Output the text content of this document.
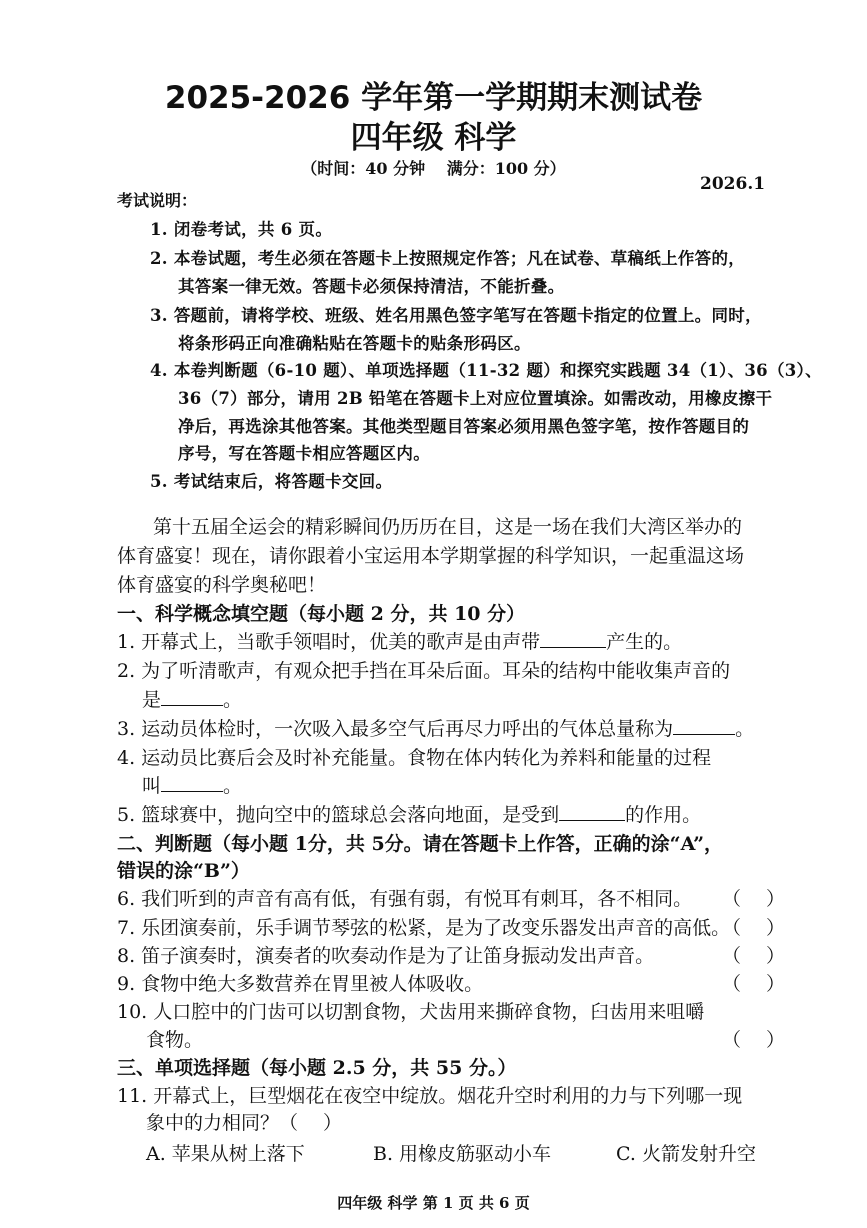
2025-2026 学年第一学期期末测试卷
四年级 科学
（时间：40 分钟　 满分：100 分）
2026.1
考试说明：
1. 闭卷考试，共 6 页。
2. 本卷试题，考生必须在答题卡上按照规定作答；凡在试卷、草稿纸上作答的，
其答案一律无效。答题卡必须保持清洁，不能折叠。
3. 答题前，请将学校、班级、姓名用黑色签字笔写在答题卡指定的位置上。同时，
将条形码正向准确粘贴在答题卡的贴条形码区。
4. 本卷判断题（6-10 题）、单项选择题（11-32 题）和探究实践题 34（1）、36（3）、
36（7）部分，请用 2B 铅笔在答题卡上对应位置填涂。如需改动，用橡皮擦干
净后，再选涂其他答案。其他类型题目答案必须用黑色签字笔，按作答题目的
序号，写在答题卡相应答题区内。
5. 考试结束后，将答题卡交回。
第十五届全运会的精彩瞬间仍历历在目，这是一场在我们大湾区举办的
体育盛宴！现在，请你跟着小宝运用本学期掌握的科学知识，一起重温这场
体育盛宴的科学奥秘吧！
一、科学概念填空题（每小题 2 分，共 10 分）
1. 开幕式上，当歌手领唱时，优美的歌声是由声带	产生的。
2. 为了听清歌声，有观众把手挡在耳朵后面。耳朵的结构中能收集声音的
是	。
3. 运动员体检时，一次吸入最多空气后再尽力呼出的气体总量称为	。
4. 运动员比赛后会及时补充能量。食物在体内转化为养料和能量的过程
叫	。
5. 篮球赛中，抛向空中的篮球总会落向地面，是受到	的作用。
二、判断题（每小题 1分，共 5分。请在答题卡上作答，正确的涂“A”，
错误的涂“B”）
6. 我们听到的声音有高有低，有强有弱，有悦耳有刺耳，各不相同。 （　 ）
7. 乐团演奏前，乐手调节琴弦的松紧，是为了改变乐器发出声音的高低。
（　 ）
8. 笛子演奏时，演奏者的吹奏动作是为了让笛身振动发出声音。	（　 ）
9. 食物中绝大多数营养在胃里被人体吸收。	（　 ）
10. 人口腔中的门齿可以切割食物，犬齿用来撕碎食物，臼齿用来咀嚼
食物。	（　 ）
三、单项选择题（每小题 2.5 分，共 55 分。）
11. 开幕式上，巨型烟花在夜空中绽放。烟花升空时利用的力与下列哪一现
象中的力相同？（　 ）
A. 苹果从树上落下	B. 用橡皮筋驱动小车	C. 火箭发射升空
四年级 科学 第 1 页 共 6 页
